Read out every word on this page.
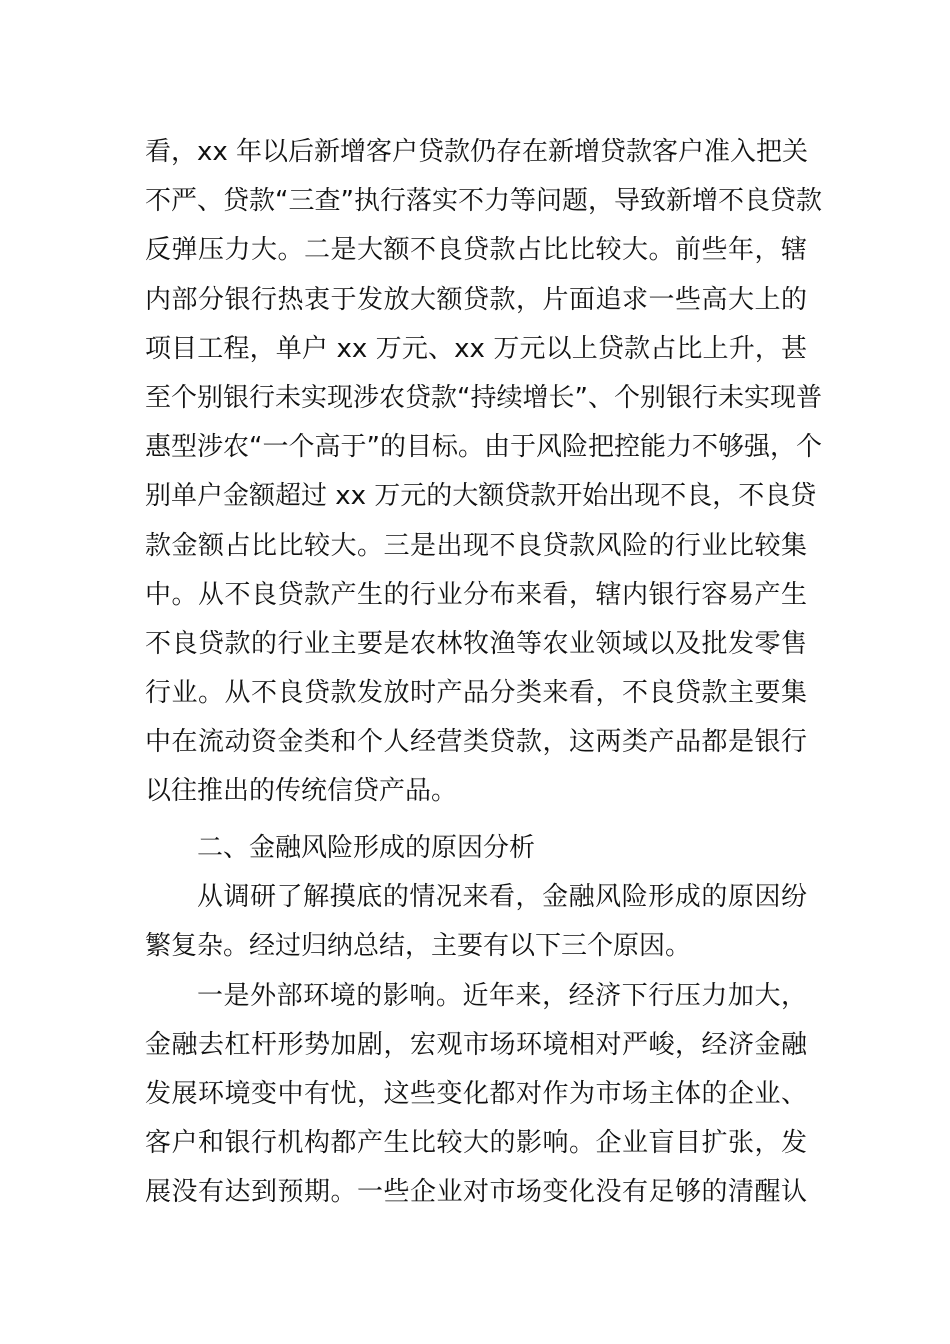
看，xx 年以后新增客户贷款仍存在新增贷款客户准入把关
不严、贷款“三查”执行落实不力等问题，导致新增不良贷款
反弹压力大。二是大额不良贷款占比比较大。前些年，辖
内部分银行热衷于发放大额贷款，片面追求一些高大上的
项目工程，单户 xx 万元、xx 万元以上贷款占比上升，甚
至个别银行未实现涉农贷款“持续增长”、个别银行未实现普
惠型涉农“一个高于”的目标。由于风险把控能力不够强，个
别单户金额超过 xx 万元的大额贷款开始出现不良，不良贷
款金额占比比较大。三是出现不良贷款风险的行业比较集
中。从不良贷款产生的行业分布来看，辖内银行容易产生
不良贷款的行业主要是农林牧渔等农业领域以及批发零售
行业。从不良贷款发放时产品分类来看，不良贷款主要集
中在流动资金类和个人经营类贷款，这两类产品都是银行
以往推出的传统信贷产品。
二、金融风险形成的原因分析
从调研了解摸底的情况来看，金融风险形成的原因纷
繁复杂。经过归纳总结，主要有以下三个原因。
一是外部环境的影响。近年来，经济下行压力加大，
金融去杠杆形势加剧，宏观市场环境相对严峻，经济金融
发展环境变中有忧，这些变化都对作为市场主体的企业、
客户和银行机构都产生比较大的影响。企业盲目扩张，发
展没有达到预期。一些企业对市场变化没有足够的清醒认
